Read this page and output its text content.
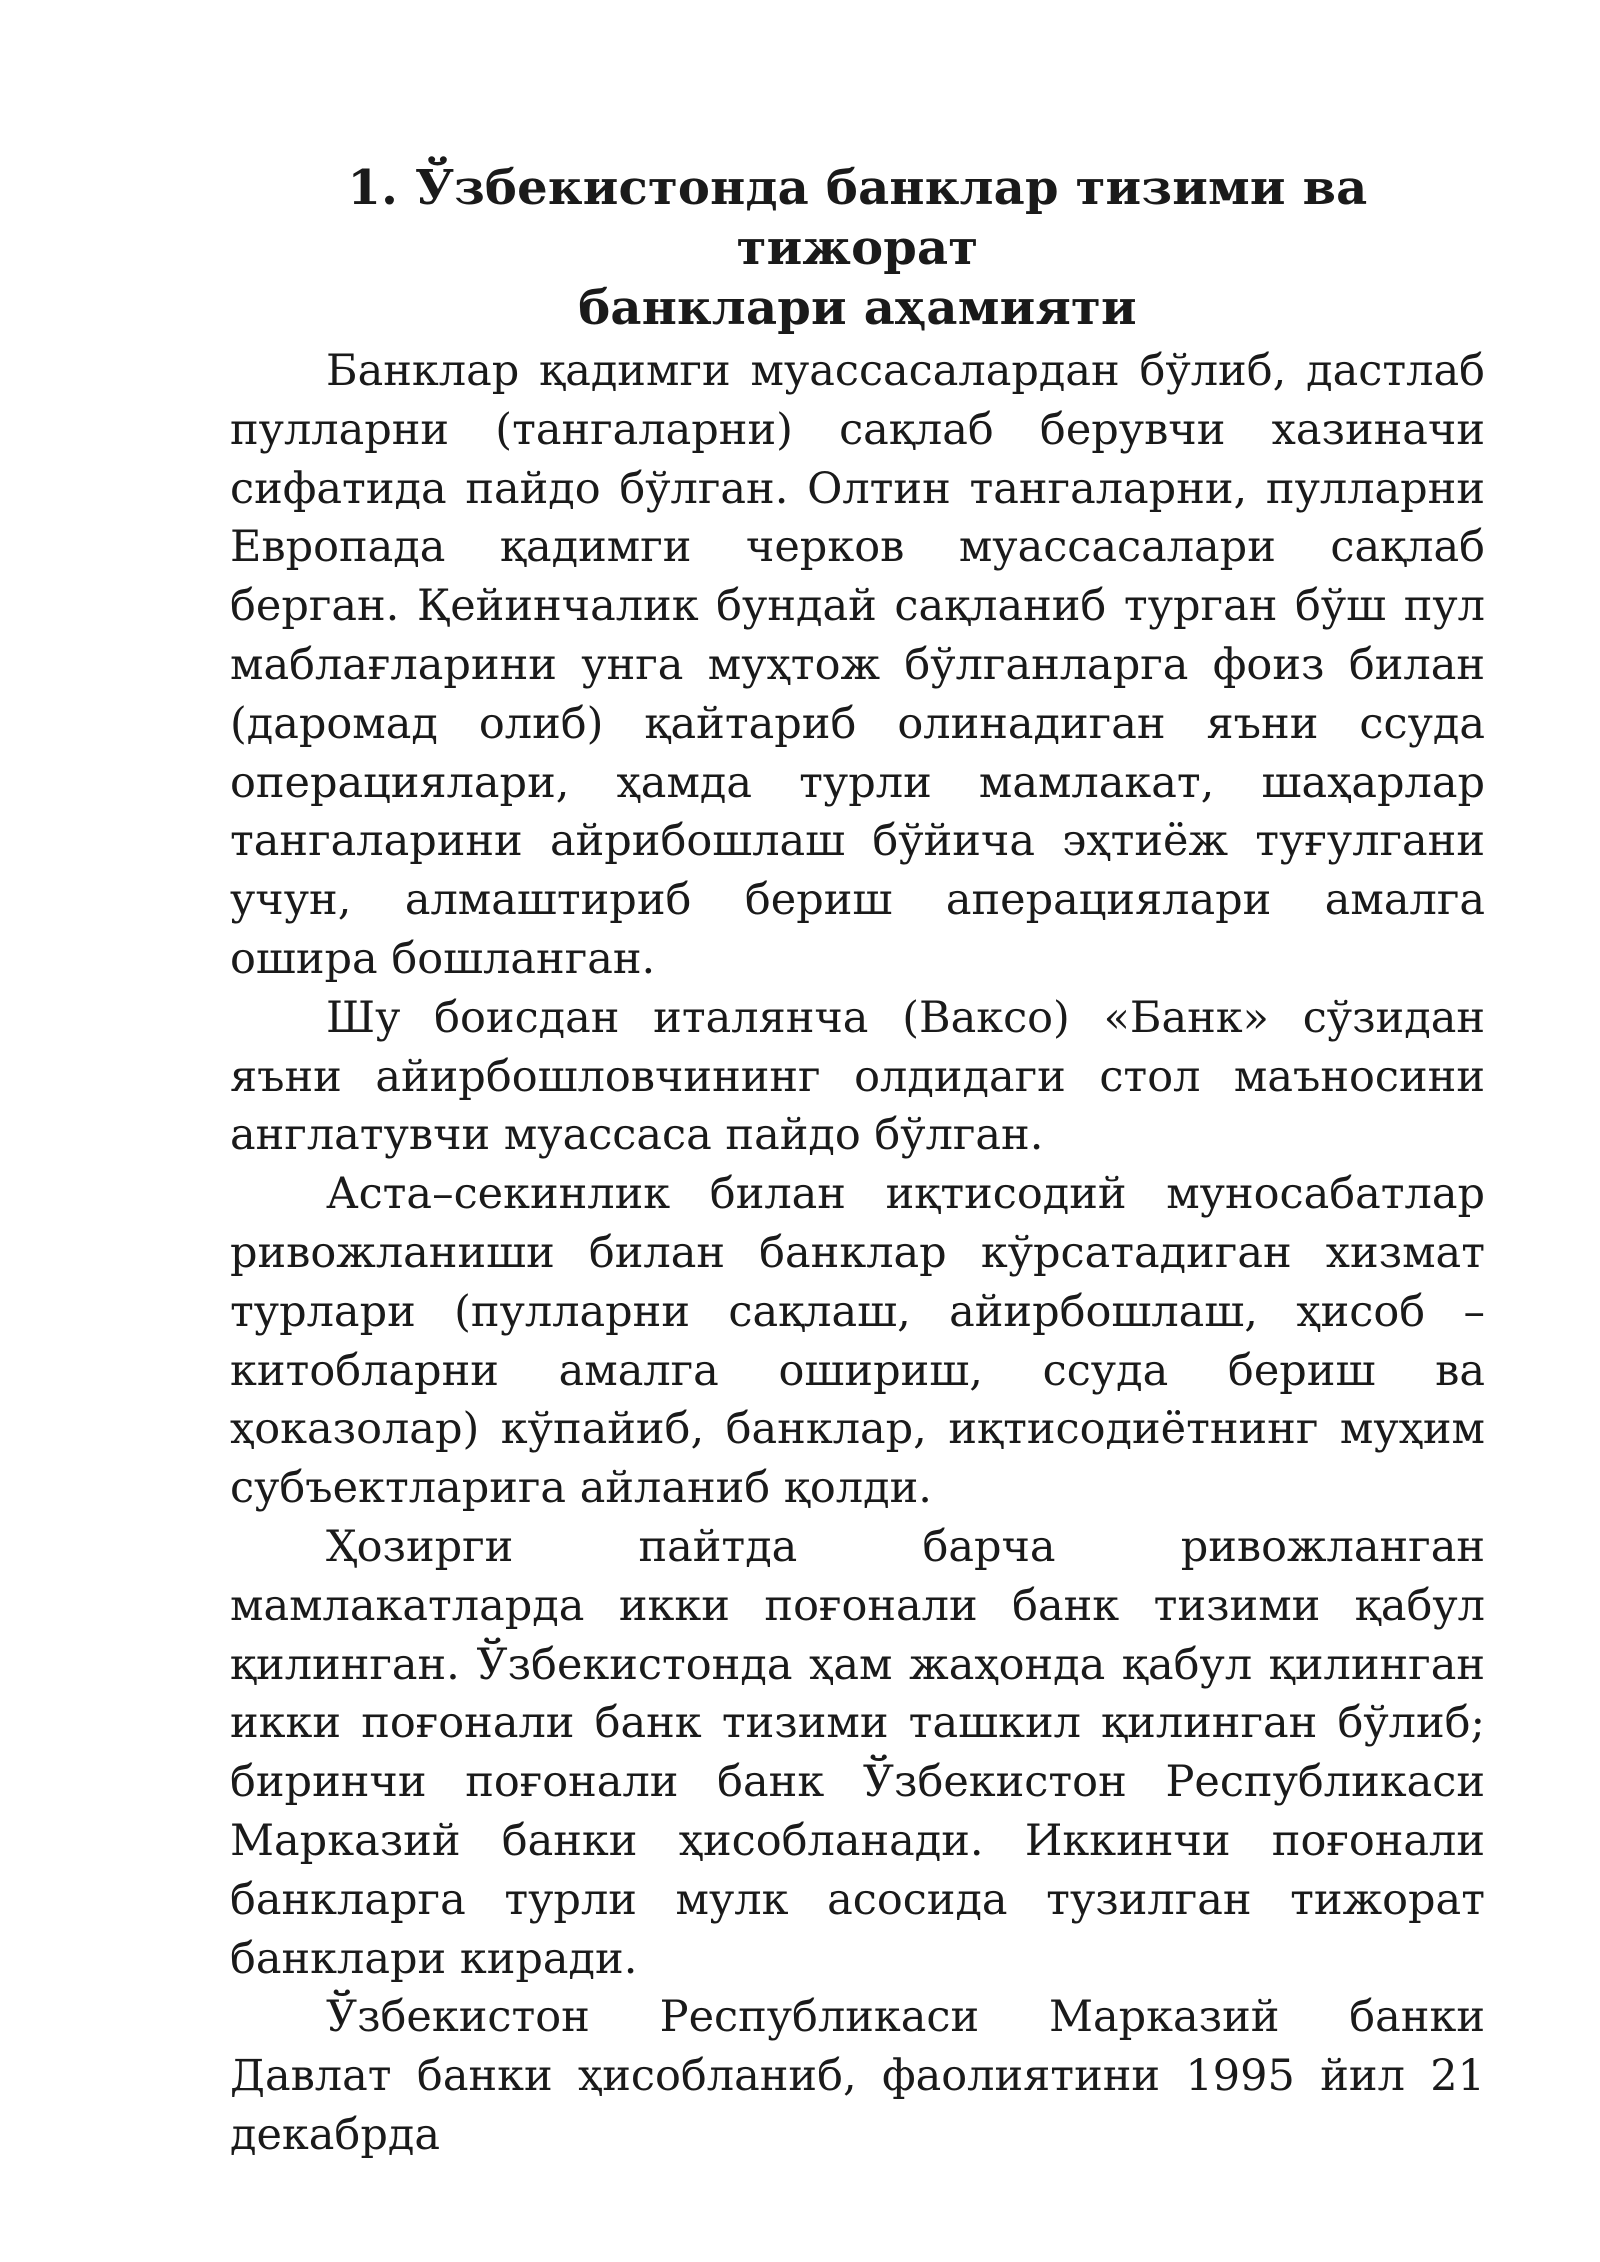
1. Ўзбекистонда банклар тизими ва тижорат
банклари аҳамияти

Банклар қадимги муассасалардан бўлиб, дастлаб пулларни (тангаларни) сақлаб берувчи хазиначи сифатида пайдо бўлган. Олтин тангаларни, пулларни Европада қадимги черков муассасалари сақлаб берган. Қейинчалик бундай сақланиб турган бўш пул маблағларини унга муҳтож бўлганларга фоиз билан (даромад олиб) қайтариб олинадиган яъни ссуда операциялари, ҳамда турли мамлакат, шаҳарлар тангаларини айрибошлаш бўйича эҳтиёж туғулгани учун, алмаштириб бериш аперациялари амалга ошира бошланган.

Шу боисдан италянча (Ваксо) «Банк» сўзидан яъни айирбошловчининг олдидаги стол маъносини англатувчи муассаса пайдо бўлган.

Аста–секинлик билан иқтисодий муносабатлар ривожланиши билан банклар кўрсатадиган хизмат турлари (пулларни сақлаш, айирбошлаш, ҳисоб – китобларни амалга ошириш, ссуда бериш ва ҳоказолар) кўпайиб, банклар, иқтисодиётнинг муҳим субъектларига айланиб қолди.

Ҳозирги пайтда барча ривожланган мамлакатларда икки поғонали банк тизими қабул қилинган. Ўзбекистонда ҳам жаҳонда қабул қилинган икки поғонали банк тизими ташкил қилинган бўлиб; биринчи поғонали банк Ўзбекистон Республикаси Марказий банки ҳисобланади. Иккинчи поғонали банкларга турли мулк асосида тузилган тижорат банклари киради.

Ўзбекистон Республикаси Марказий банки Давлат банки ҳисобланиб, фаолиятини 1995 йил 21 декабрда
